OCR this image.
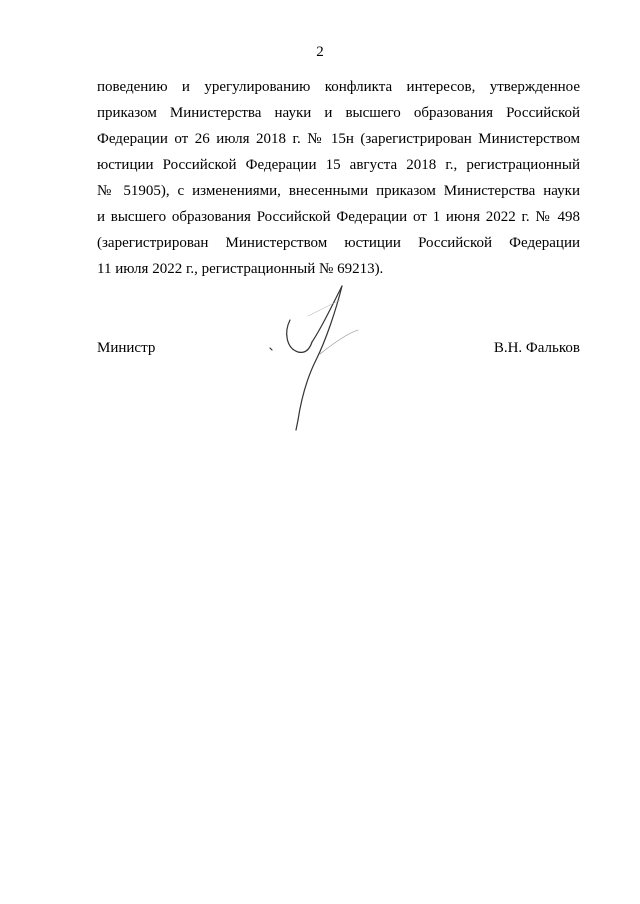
2
поведению и урегулированию конфликта интересов, утвержденное
приказом Министерства науки и высшего образования Российской
Федерации от 26 июля 2018 г. № 15н (зарегистрирован Министерством
юстиции Российской Федерации 15 августа 2018 г., регистрационный
№ 51905), с изменениями, внесенными приказом Министерства науки
и высшего образования Российской Федерации от 1 июня 2022 г. № 498
(зарегистрирован Министерством юстиции Российской Федерации
11 июля 2022 г., регистрационный № 69213).
Министр	В.Н. Фальков
